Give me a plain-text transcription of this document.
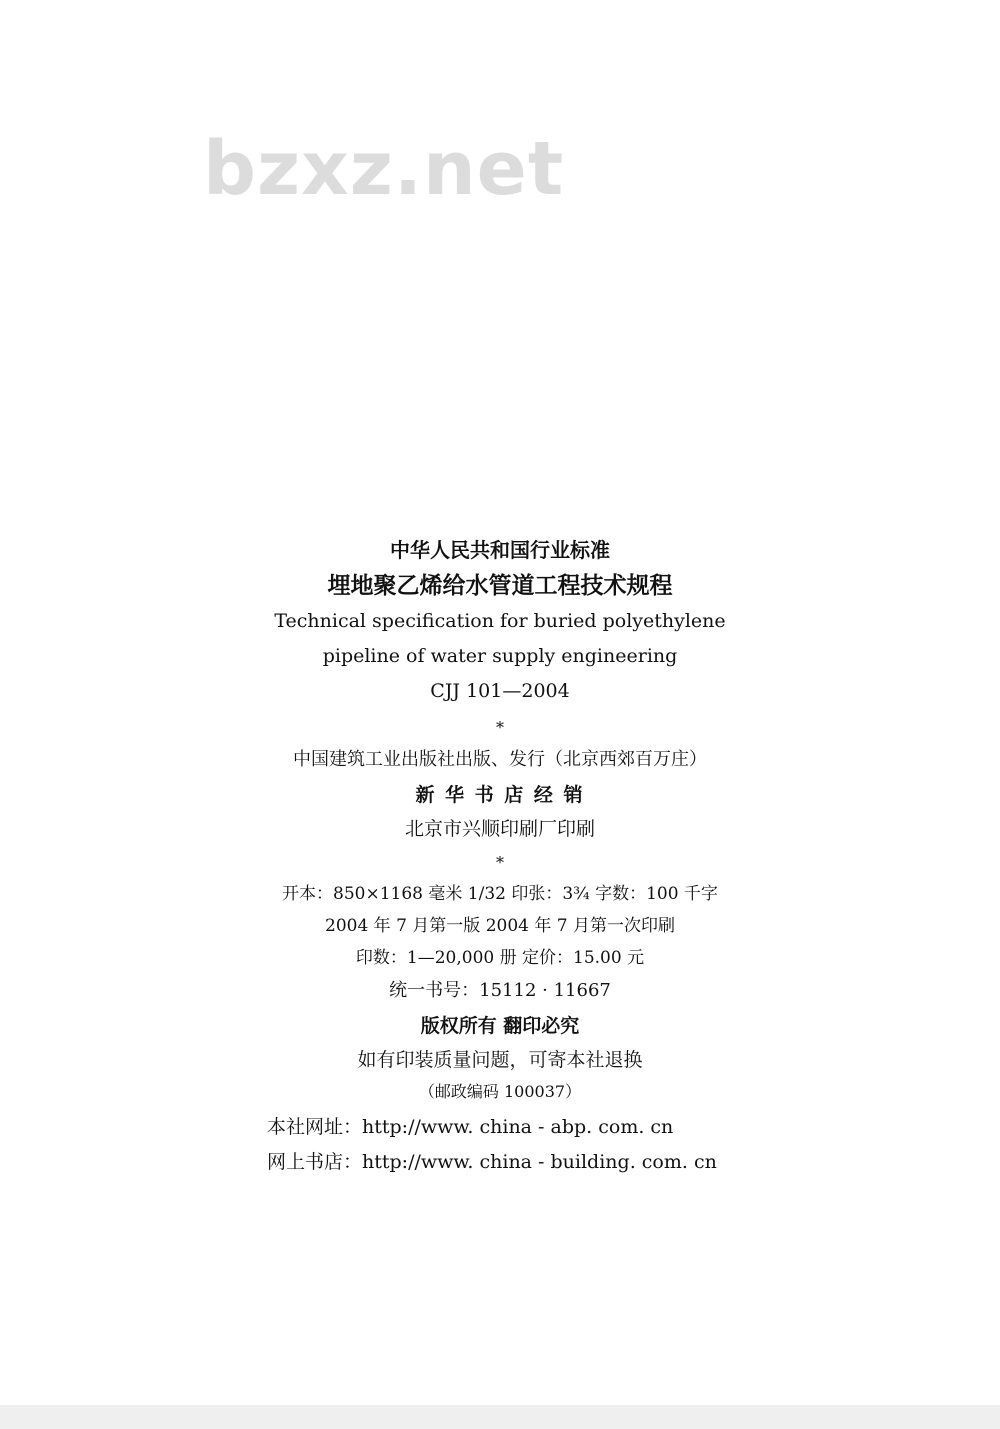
bzxz.net
中华人民共和国行业标准
埋地聚乙烯给水管道工程技术规程
Technical specification for buried polyethylene
pipeline of water supply engineering
CJJ 101—2004
*
中国建筑工业出版社出版、发行（北京西郊百万庄）
新 华 书 店 经 销
北京市兴顺印刷厂印刷
*
开本：850×1168 毫米 1/32 印张：3¾ 字数：100 千字
2004 年 7 月第一版 2004 年 7 月第一次印刷
印数：1—20,000 册 定价：15.00 元
统一书号：15112 · 11667
版权所有 翻印必究
如有印装质量问题，可寄本社退换
（邮政编码 100037）
本社网址：http://www. china - abp. com. cn
网上书店：http://www. china - building. com. cn
